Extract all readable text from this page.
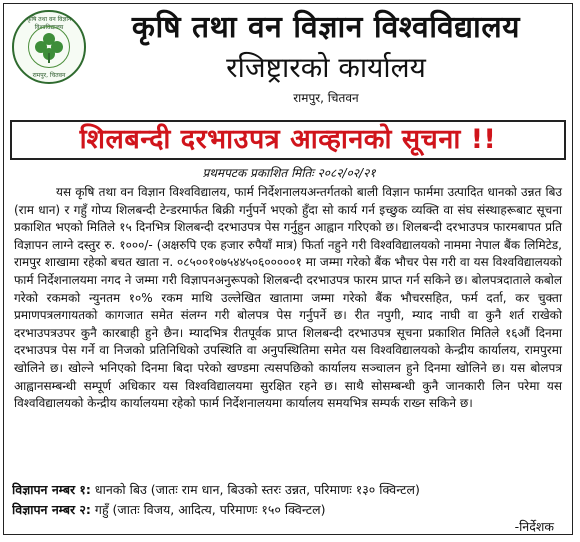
कृषि तथा वन विज्ञान विश्वविद्यालय
रामपुर, चितवन
कृषि तथा वन विज्ञान विश्वविद्यालय
रजिष्ट्रारको कार्यालय
रामपुर, चितवन
शिलबन्दी दरभाउपत्र आव्हानको सूचना !!
प्रथमपटक प्रकाशित मितिः २०८२/०२/२१

यस कृषि तथा वन विज्ञान विश्वविद्यालय, फार्म निर्देशनालयअन्तर्गतको बाली विज्ञान फार्ममा उत्पादित धानको उन्नत बिउ (राम धान) र गहुँ गोप्य शिलबन्दी टेन्डरमार्फत बिक्री गर्नुपर्ने भएको हुँदा सो कार्य गर्न इच्छुक व्यक्ति वा संघ संस्थाहरूबाट सूचना प्रकाशित भएको मितिले १५ दिनभित्र शिलबन्दी दरभाउपत्र पेस गर्नुहुन आह्वान गरिएको छ। शिलबन्दी दरभाउपत्र फारमबापत प्रति विज्ञापन लाग्ने दस्तुर रु. १०००/- (अक्षरुपि एक हजार रुपैयाँ मात्र) फिर्ता नहुने गरी विश्वविद्यालयको नाममा नेपाल बैंक लिमिटेड, रामपुर शाखामा रहेको बचत खाता न. ०८५००१०७५४४५०६०००००१ मा जम्मा गरेको बैंक भौचर पेस गरी वा यस विश्वविद्यालयको फार्म निर्देशनालयमा नगद ने जम्मा गरी विज्ञापनअनुरूपको शिलबन्दी दरभाउपत्र फारम प्राप्त गर्न सकिने छ। बोलपत्रदाताले कबोल गरेको रकमको न्युनतम १०% रकम माथि उल्लेखित खातामा जम्मा गरेको बैंक भौचरसहित, फर्म दर्ता, कर चुक्ता प्रमाणपत्रलगायतको कागजात समेत संलग्न गरी बोलपत्र पेस गर्नुपर्ने छ। रीत नपुगी, म्याद नाघी वा कुनै शर्त राखेको दरभाउपत्रउपर कुनै कारबाही हुने छैन। म्यादभित्र रीतपूर्वक प्राप्त शिलबन्दी दरभाउपत्र सूचना प्रकाशित मितिले १६औं दिनमा दरभाउपत्र पेस गर्ने वा निजको प्रतिनिधिको उपस्थिति वा अनुपस्थितिमा समेत यस विश्वविद्यालयको केन्द्रीय कार्यालय, रामपुरमा खोलिने छ। खोल्ने भनिएको दिनमा बिदा परेको खण्डमा त्यसपछिको कार्यालय सञ्चालन हुने दिनमा खोलिने छ। यस बोलपत्र आह्वानसम्बन्धी सम्पूर्ण अधिकार यस विश्वविद्यालयमा सुरक्षित रहने छ। साथै सोसम्बन्धी कुनै जानकारी लिन परेमा यस विश्वविद्यालयको केन्द्रीय कार्यालयमा रहेको फार्म निर्देशनालयमा कार्यालय समयभित्र सम्पर्क राख्न सकिने छ।

विज्ञापन नम्बर १: धानको बिउ (जातः राम धान, बिउको स्तरः उन्नत, परिमाणः १३० क्विन्टल)
विज्ञापन नम्बर २: गहुँ (जातः विजय, आदित्य, परिमाणः १५० क्विन्टल)
-निर्देशक
